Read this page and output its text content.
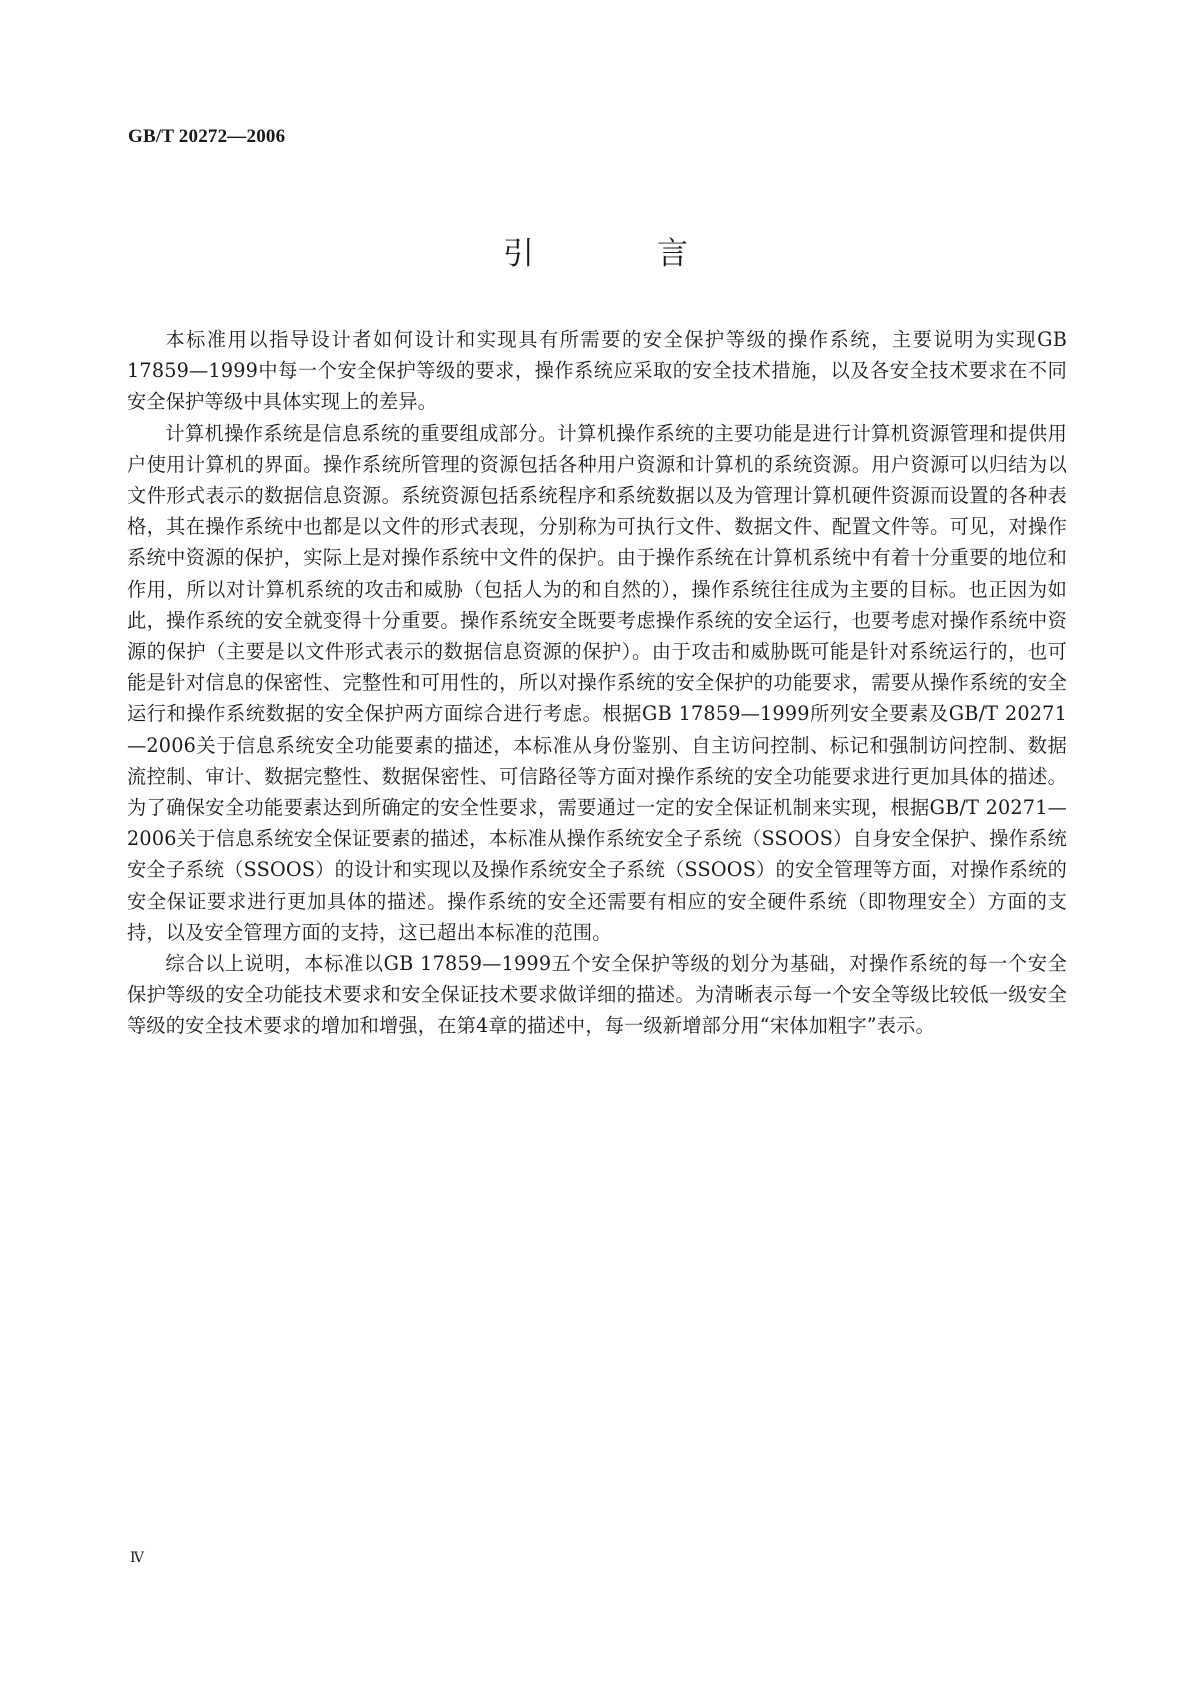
GB/T 20272—2006
引　言

本标准用以指导设计者如何设计和实现具有所需要的安全保护等级的操作系统，主要说明为实现GB 17859—1999中每一个安全保护等级的要求，操作系统应采取的安全技术措施，以及各安全技术要求在不同安全保护等级中具体实现上的差异。

计算机操作系统是信息系统的重要组成部分。计算机操作系统的主要功能是进行计算机资源管理和提供用户使用计算机的界面。操作系统所管理的资源包括各种用户资源和计算机的系统资源。用户资源可以归结为以文件形式表示的数据信息资源。系统资源包括系统程序和系统数据以及为管理计算机硬件资源而设置的各种表格，其在操作系统中也都是以文件的形式表现，分别称为可执行文件、数据文件、配置文件等。可见，对操作系统中资源的保护，实际上是对操作系统中文件的保护。由于操作系统在计算机系统中有着十分重要的地位和作用，所以对计算机系统的攻击和威胁（包括人为的和自然的），操作系统往往成为主要的目标。也正因为如此，操作系统的安全就变得十分重要。操作系统安全既要考虑操作系统的安全运行，也要考虑对操作系统中资源的保护（主要是以文件形式表示的数据信息资源的保护）。由于攻击和威胁既可能是针对系统运行的，也可能是针对信息的保密性、完整性和可用性的，所以对操作系统的安全保护的功能要求，需要从操作系统的安全运行和操作系统数据的安全保护两方面综合进行考虑。根据GB 17859—1999所列安全要素及GB/T 20271—2006关于信息系统安全功能要素的描述，本标准从身份鉴别、自主访问控制、标记和强制访问控制、数据流控制、审计、数据完整性、数据保密性、可信路径等方面对操作系统的安全功能要求进行更加具体的描述。为了确保安全功能要素达到所确定的安全性要求，需要通过一定的安全保证机制来实现，根据GB/T 20271—2006关于信息系统安全保证要素的描述，本标准从操作系统安全子系统（SSOOS）自身安全保护、操作系统安全子系统（SSOOS）的设计和实现以及操作系统安全子系统（SSOOS）的安全管理等方面，对操作系统的安全保证要求进行更加具体的描述。操作系统的安全还需要有相应的安全硬件系统（即物理安全）方面的支持，以及安全管理方面的支持，这已超出本标准的范围。

综合以上说明，本标准以GB 17859—1999五个安全保护等级的划分为基础，对操作系统的每一个安全保护等级的安全功能技术要求和安全保证技术要求做详细的描述。为清晰表示每一个安全等级比较低一级安全等级的安全技术要求的增加和增强，在第4章的描述中，每一级新增部分用“宋体加粗字”表示。

Ⅳ
